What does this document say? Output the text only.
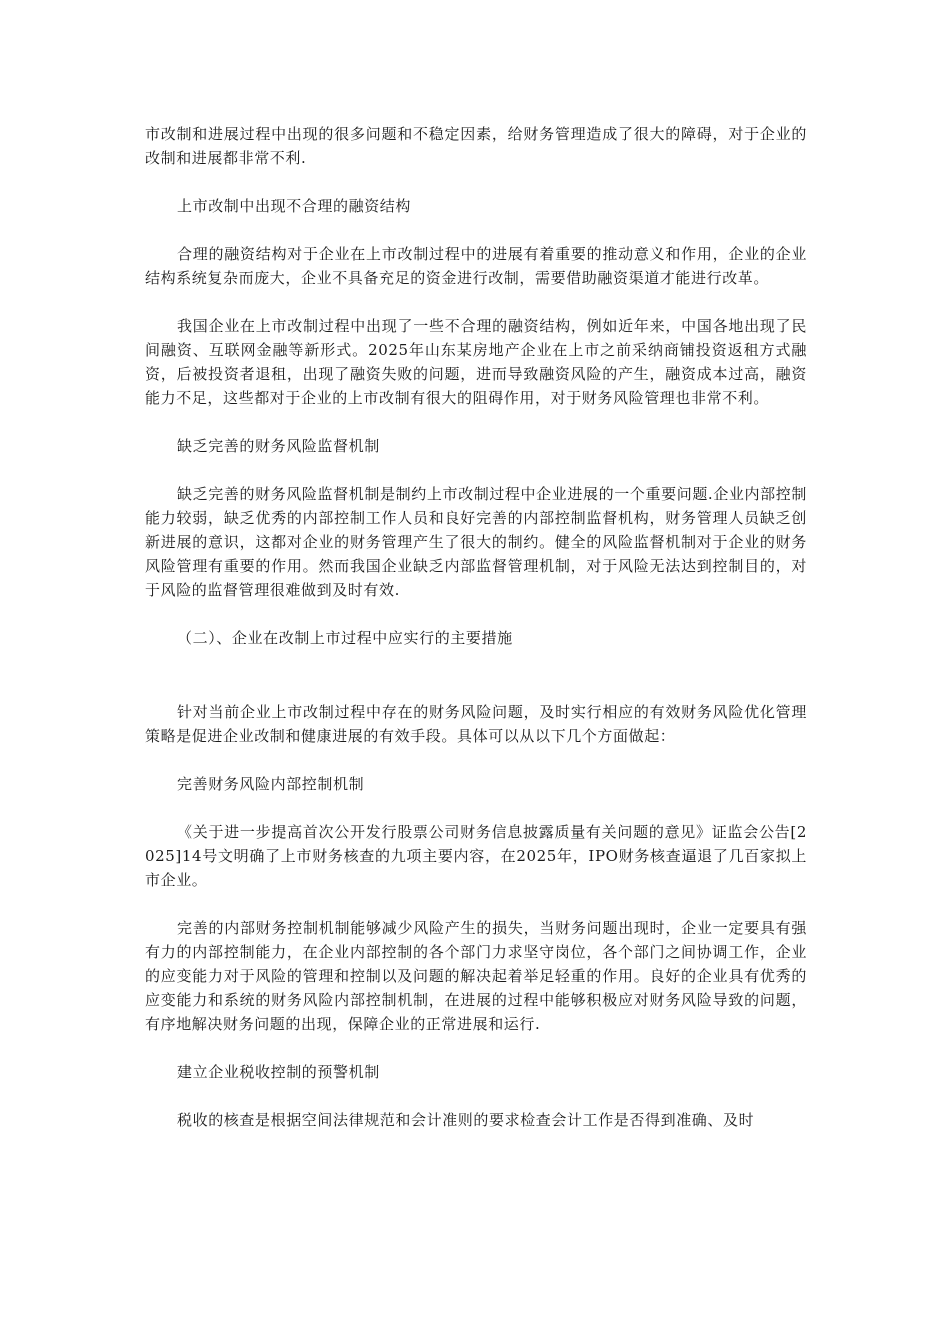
市改制和进展过程中出现的很多问题和不稳定因素，给财务管理造成了很大的障碍，对于企业的改制和进展都非常不利.

上市改制中出现不合理的融资结构

合理的融资结构对于企业在上市改制过程中的进展有着重要的推动意义和作用，企业的企业结构系统复杂而庞大，企业不具备充足的资金进行改制，需要借助融资渠道才能进行改革。

我国企业在上市改制过程中出现了一些不合理的融资结构，例如近年来，中国各地出现了民间融资、互联网金融等新形式。2025年山东某房地产企业在上市之前采纳商铺投资返租方式融资，后被投资者退租，出现了融资失败的问题，进而导致融资风险的产生，融资成本过高，融资能力不足，这些都对于企业的上市改制有很大的阻碍作用，对于财务风险管理也非常不利。

缺乏完善的财务风险监督机制

缺乏完善的财务风险监督机制是制约上市改制过程中企业进展的一个重要问题.企业内部控制能力较弱，缺乏优秀的内部控制工作人员和良好完善的内部控制监督机构，财务管理人员缺乏创新进展的意识，这都对企业的财务管理产生了很大的制约。健全的风险监督机制对于企业的财务风险管理有重要的作用。然而我国企业缺乏内部监督管理机制，对于风险无法达到控制目的，对于风险的监督管理很难做到及时有效.

（二）、企业在改制上市过程中应实行的主要措施

针对当前企业上市改制过程中存在的财务风险问题，及时实行相应的有效财务风险优化管理策略是促进企业改制和健康进展的有效手段。具体可以从以下几个方面做起：

完善财务风险内部控制机制

《关于进一步提高首次公开发行股票公司财务信息披露质量有关问题的意见》证监会公告[2025]14号文明确了上市财务核查的九项主要内容，在2025年，IPO财务核查逼退了几百家拟上市企业。

完善的内部财务控制机制能够减少风险产生的损失，当财务问题出现时，企业一定要具有强有力的内部控制能力，在企业内部控制的各个部门力求坚守岗位，各个部门之间协调工作，企业的应变能力对于风险的管理和控制以及问题的解决起着举足轻重的作用。良好的企业具有优秀的应变能力和系统的财务风险内部控制机制，在进展的过程中能够积极应对财务风险导致的问题，有序地解决财务问题的出现，保障企业的正常进展和运行.

建立企业税收控制的预警机制

税收的核查是根据空间法律规范和会计准则的要求检查会计工作是否得到准确、及时
